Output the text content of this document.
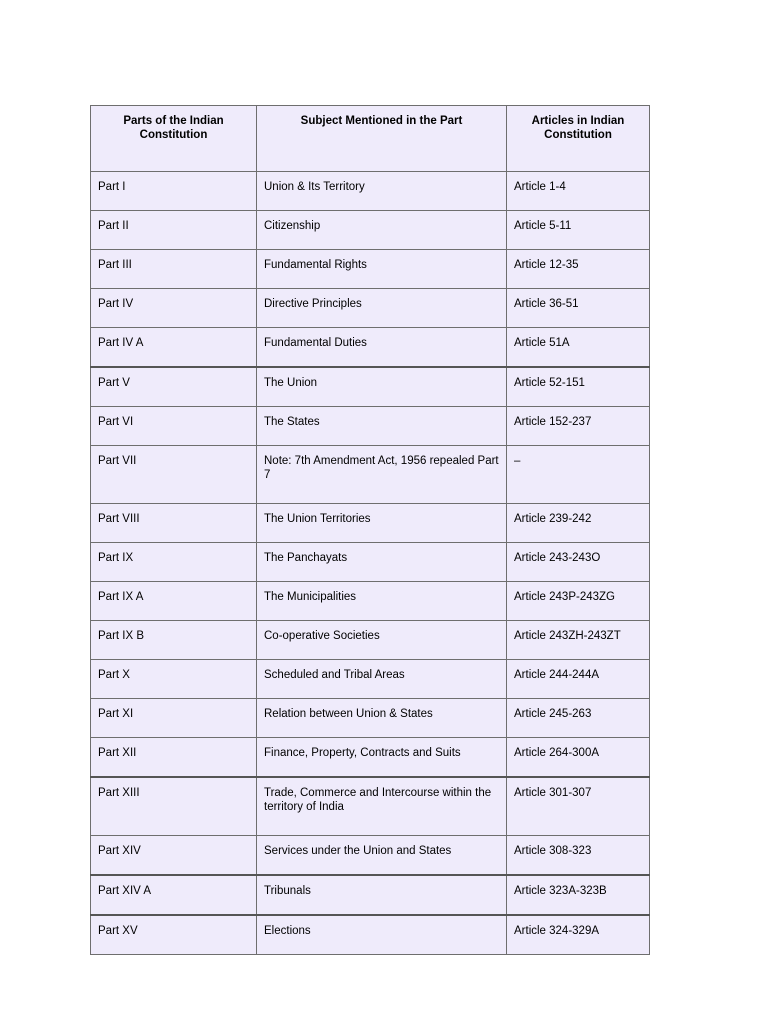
Parts of the Indian Constitution	Subject Mentioned in the Part	Articles in Indian Constitution
Part I	Union & Its Territory	Article 1-4
Part II	Citizenship	Article 5-11
Part III	Fundamental Rights	Article 12-35
Part IV	Directive Principles	Article 36-51
Part IV A	Fundamental Duties	Article 51A
Part V	The Union	Article 52-151
Part VI	The States	Article 152-237
Part VII	Note: 7th Amendment Act, 1956 repealed Part 7	–
Part VIII	The Union Territories	Article 239-242
Part IX	The Panchayats	Article 243-243O
Part IX A	The Municipalities	Article 243P-243ZG
Part IX B	Co-operative Societies	Article 243ZH-243ZT
Part X	Scheduled and Tribal Areas	Article 244-244A
Part XI	Relation between Union & States	Article 245-263
Part XII	Finance, Property, Contracts and Suits	Article 264-300A
Part XIII	Trade, Commerce and Intercourse within the territory of India	Article 301-307
Part XIV	Services under the Union and States	Article 308-323
Part XIV A	Tribunals	Article 323A-323B
Part XV	Elections	Article 324-329A
